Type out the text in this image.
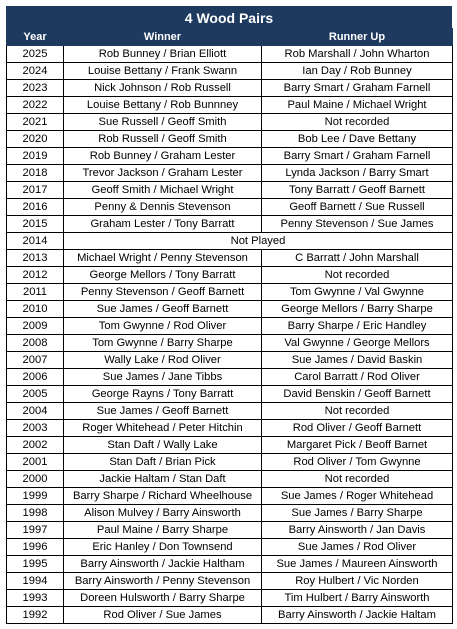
4 Wood Pairs
Year	Winner	Runner Up
2025	Rob Bunney / Brian Elliott	Rob Marshall / John Wharton
2024	Louise Bettany / Frank Swann	Ian Day / Rob Bunney
2023	Nick Johnson / Rob Russell	Barry Smart / Graham Farnell
2022	Louise Bettany / Rob Bunnney	Paul Maine / Michael Wright
2021	Sue Russell / Geoff Smith	Not recorded
2020	Rob Russell / Geoff Smith	Bob Lee / Dave Bettany
2019	Rob Bunney / Graham Lester	Barry Smart / Graham Farnell
2018	Trevor Jackson / Graham Lester	Lynda Jackson / Barry Smart
2017	Geoff Smith / Michael Wright	Tony Barratt / Geoff Barnett
2016	Penny & Dennis Stevenson	Geoff Barnett / Sue Russell
2015	Graham Lester / Tony Barratt	Penny Stevenson / Sue James
2014	Not Played	
2013	Michael Wright / Penny Stevenson	C Barratt / John Marshall
2012	George Mellors / Tony Barratt	Not recorded
2011	Penny Stevenson / Geoff Barnett	Tom Gwynne / Val Gwynne
2010	Sue James / Geoff Barnett	George Mellors / Barry Sharpe
2009	Tom Gwynne / Rod Oliver	Barry Sharpe / Eric Handley
2008	Tom Gwynne / Barry Sharpe	Val Gwynne / George Mellors
2007	Wally Lake / Rod Oliver	Sue James / David Baskin
2006	Sue James / Jane Tibbs	Carol Barratt / Rod Oliver
2005	George Rayns / Tony Barratt	David Benskin / Geoff Barnett
2004	Sue James / Geoff Barnett	Not recorded
2003	Roger Whitehead / Peter Hitchin	Rod Oliver / Geoff Barnett
2002	Stan Daft / Wally Lake	Margaret Pick / Beoff Barnet
2001	Stan Daft / Brian Pick	Rod Oliver / Tom Gwynne
2000	Jackie Haltam / Stan Daft	Not recorded
1999	Barry Sharpe / Richard Wheelhouse	Sue James / Roger Whitehead
1998	Alison Mulvey / Barry Ainsworth	Sue James / Barry Sharpe
1997	Paul Maine / Barry Sharpe	Barry Ainsworth / Jan Davis
1996	Eric Hanley / Don Townsend	Sue James / Rod Oliver
1995	Barry Ainsworth / Jackie Haltham	Sue James / Maureen Ainsworth
1994	Barry Ainsworth / Penny Stevenson	Roy Hulbert / Vic Norden
1993	Doreen Hulsworth / Barry Sharpe	Tim Hulbert / Barry Ainsworth
1992	Rod Oliver / Sue James	Barry Ainsworth / Jackie Haltam
